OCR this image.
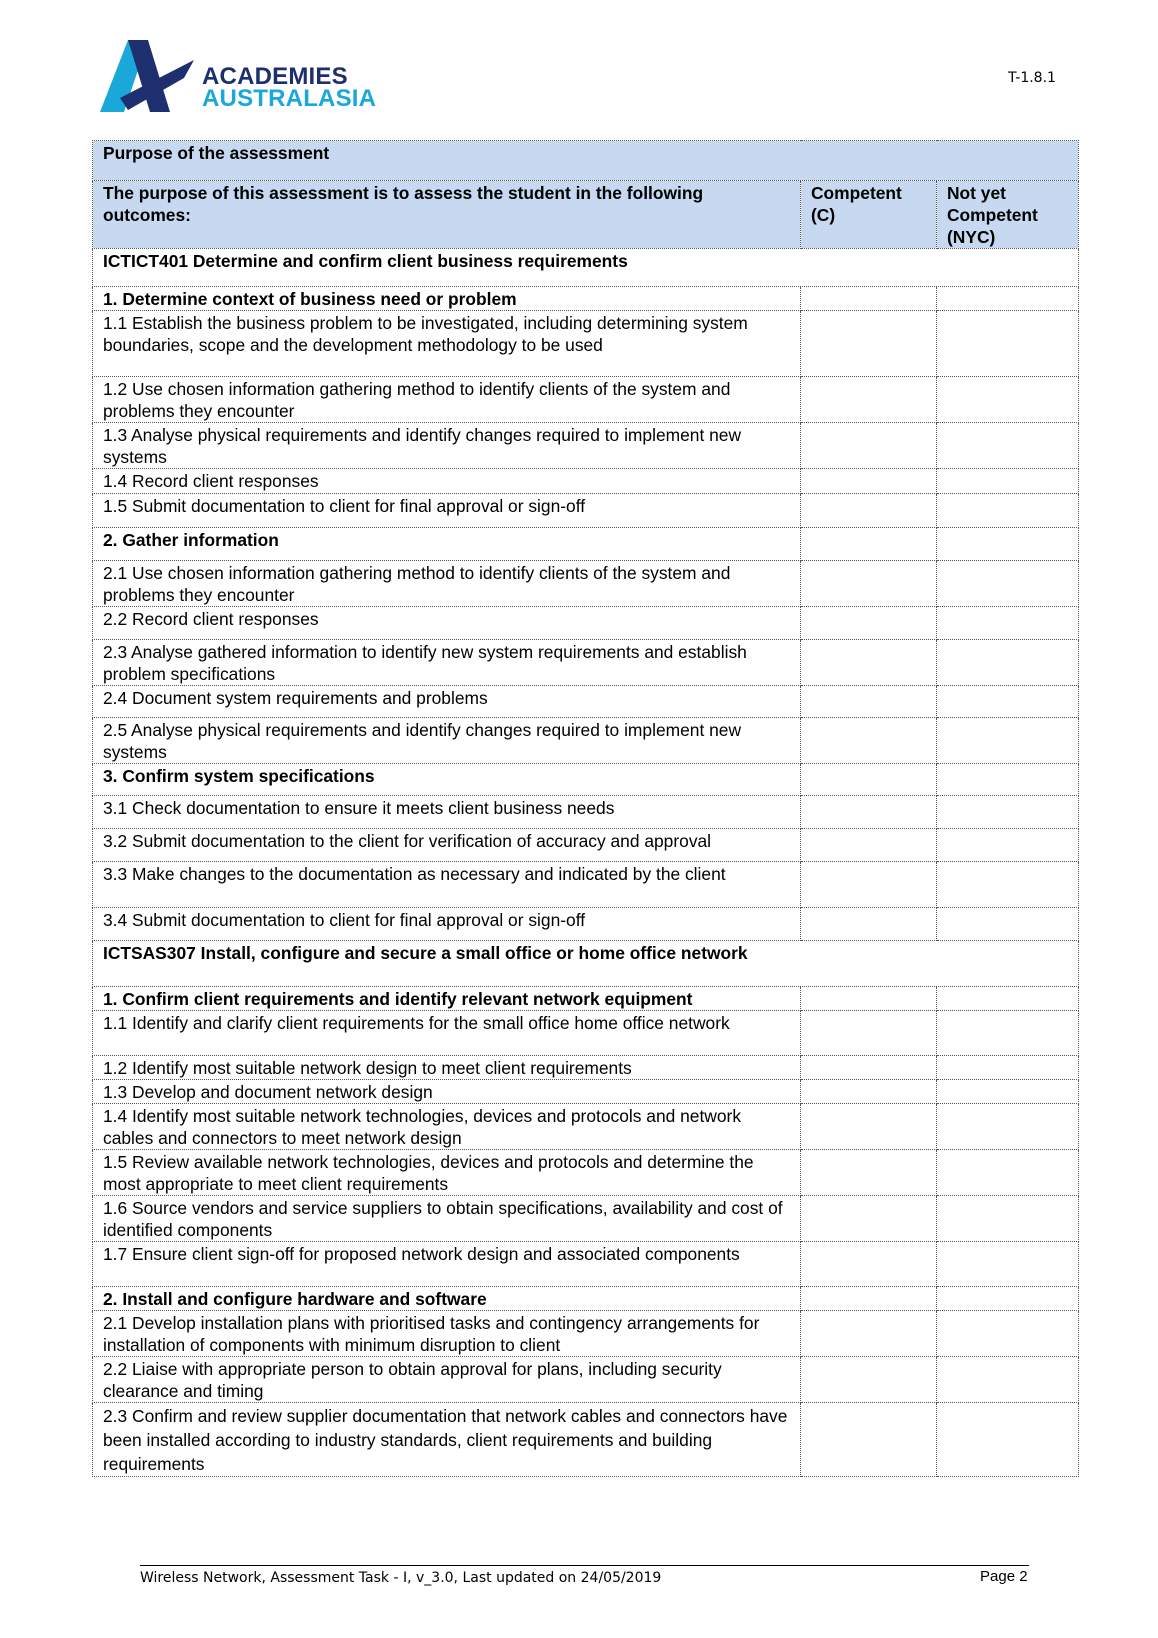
ACADEMIES
AUSTRALASIA
T-1.8.1
Purpose of the assessment		
The purpose of this assessment is to assess the student in the following outcomes:	Competent (C)	Not yet Competent (NYC)
ICTICT401 Determine and confirm client business requirements		
1. Determine context of business need or problem		
1.1 Establish the business problem to be investigated, including determining system boundaries, scope and the development methodology to be used		
1.2 Use chosen information gathering method to identify clients of the system and problems they encounter		
1.3 Analyse physical requirements and identify changes required to implement new systems		
1.4 Record client responses		
1.5 Submit documentation to client for final approval or sign-off		
2. Gather information		
2.1 Use chosen information gathering method to identify clients of the system and problems they encounter		
2.2 Record client responses		
2.3 Analyse gathered information to identify new system requirements and establish problem specifications		
2.4 Document system requirements and problems		
2.5 Analyse physical requirements and identify changes required to implement new systems		
3. Confirm system specifications		
3.1 Check documentation to ensure it meets client business needs		
3.2 Submit documentation to the client for verification of accuracy and approval		
3.3 Make changes to the documentation as necessary and indicated by the client		
3.4 Submit documentation to client for final approval or sign-off		
ICTSAS307 Install, configure and secure a small office or home office network		
1. Confirm client requirements and identify relevant network equipment		
1.1 Identify and clarify client requirements for the small office home office network		
1.2 Identify most suitable network design to meet client requirements		
1.3 Develop and document network design		
1.4 Identify most suitable network technologies, devices and protocols and network cables and connectors to meet network design		
1.5 Review available network technologies, devices and protocols and determine the most appropriate to meet client requirements		
1.6 Source vendors and service suppliers to obtain specifications, availability and cost of identified components		
1.7 Ensure client sign-off for proposed network design and associated components		
2. Install and configure hardware and software		
2.1 Develop installation plans with prioritised tasks and contingency arrangements for installation of components with minimum disruption to client		
2.2 Liaise with appropriate person to obtain approval for plans, including security clearance and timing		
2.3 Confirm and review supplier documentation that network cables and connectors have been installed according to industry standards, client requirements and building requirements		
Wireless Network, Assessment Task - I, v_3.0, Last updated on 24/05/2019	Page 2
